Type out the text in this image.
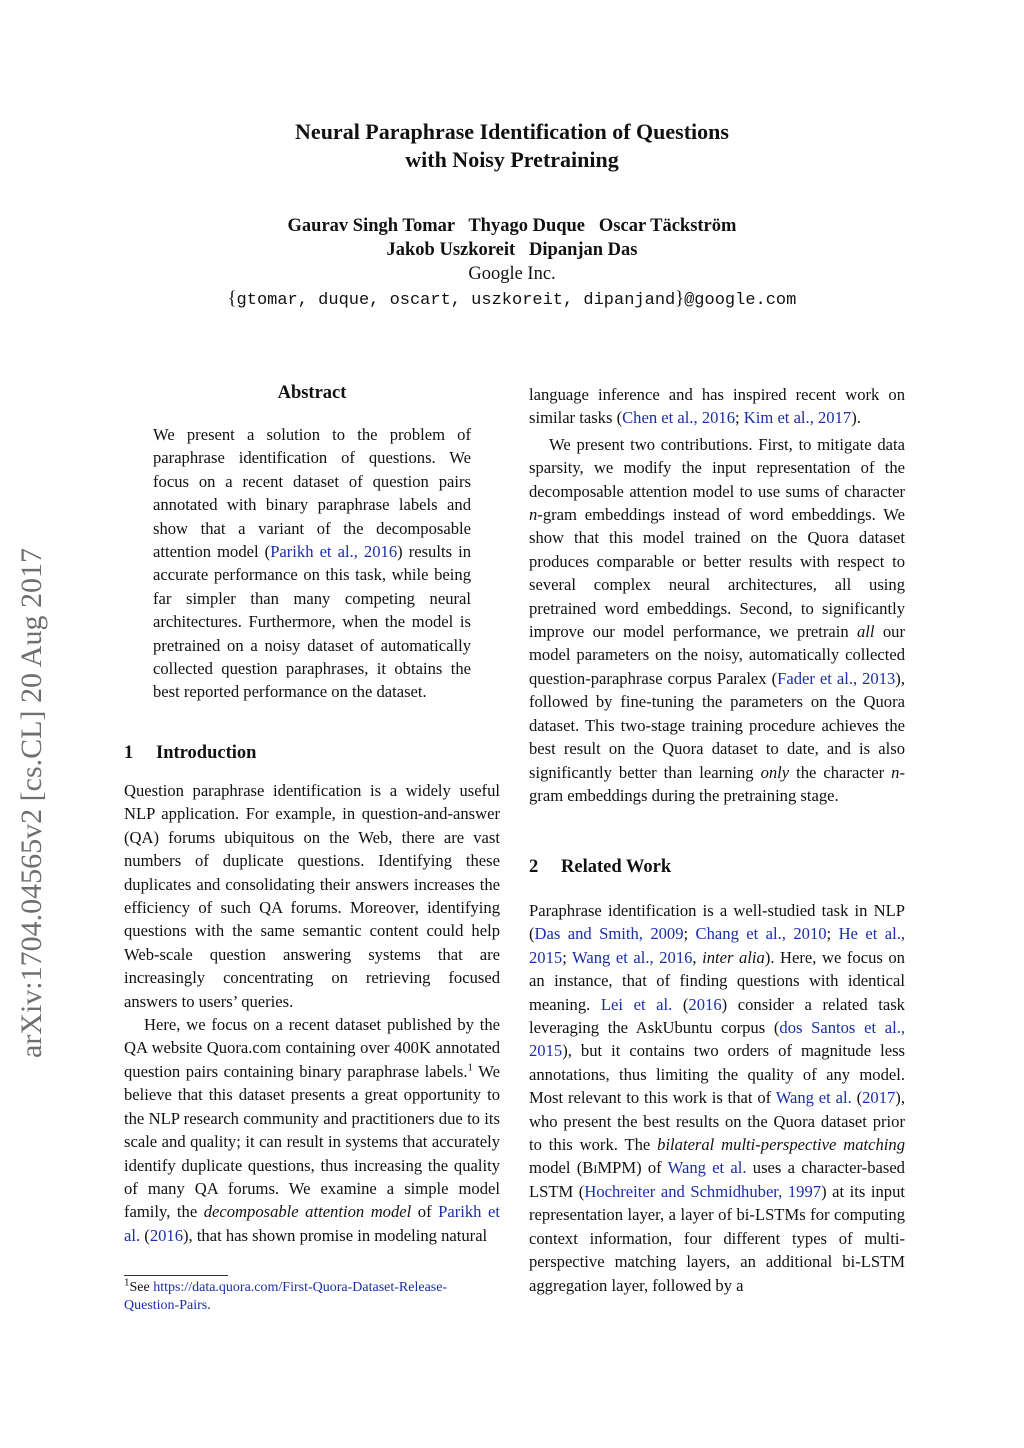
arXiv:1704.04565v2 [cs.CL] 20 Aug 2017
Neural Paraphrase Identification of Questions
with Noisy Pretraining
Gaurav Singh Tomar   Thyago Duque   Oscar Täckström
Jakob Uszkoreit   Dipanjan Das
Google Inc.
{gtomar, duque, oscart, uszkoreit, dipanjand}@google.com
Abstract
We present a solution to the problem of paraphrase identification of questions. We focus on a recent dataset of question pairs annotated with binary paraphrase labels and show that a variant of the decomposable attention model (Parikh et al., 2016) results in accurate performance on this task, while being far simpler than many competing neural architectures. Furthermore, when the model is pretrained on a noisy dataset of automatically collected question paraphrases, it obtains the best reported performance on the dataset.
1 Introduction

Question paraphrase identification is a widely useful NLP application. For example, in question-and-answer (QA) forums ubiquitous on the Web, there are vast numbers of duplicate questions. Identifying these duplicates and consolidating their answers increases the efficiency of such QA forums. Moreover, identifying questions with the same semantic content could help Web-scale question answering systems that are increasingly concentrating on retrieving focused answers to users’ queries.

Here, we focus on a recent dataset published by the QA website Quora.com containing over 400K annotated question pairs containing binary paraphrase labels.$^1$ We believe that this dataset presents a great opportunity to the NLP research community and practitioners due to its scale and quality; it can result in systems that accurately identify duplicate questions, thus increasing the quality of many QA forums. We examine a simple model family, the decomposable attention model of Parikh et al. (2016), that has shown promise in modeling natural

$^1$See https://data.quora.com/First-Quora-Dataset-Release-
Question-Pairs.

language inference and has inspired recent work on similar tasks (Chen et al., 2016; Kim et al., 2017).

We present two contributions. First, to mitigate data sparsity, we modify the input representation of the decomposable attention model to use sums of character n-gram embeddings instead of word embeddings. We show that this model trained on the Quora dataset produces comparable or better results with respect to several complex neural architectures, all using pretrained word embeddings. Second, to significantly improve our model performance, we pretrain all our model parameters on the noisy, automatically collected question-paraphrase corpus Paralex (Fader et al., 2013), followed by fine-tuning the parameters on the Quora dataset. This two-stage training procedure achieves the best result on the Quora dataset to date, and is also significantly better than learning only the character n-gram embeddings during the pretraining stage.

2 Related Work

Paraphrase identification is a well-studied task in NLP (Das and Smith, 2009; Chang et al., 2010; He et al., 2015; Wang et al., 2016, inter alia). Here, we focus on an instance, that of finding questions with identical meaning. Lei et al. (2016) consider a related task leveraging the AskUbuntu corpus (dos Santos et al., 2015), but it contains two orders of magnitude less annotations, thus limiting the quality of any model. Most relevant to this work is that of Wang et al. (2017), who present the best results on the Quora dataset prior to this work. The bilateral multi-perspective matching model (BiMPM) of Wang et al. uses a character-based LSTM (Hochreiter and Schmidhuber, 1997) at its input representation layer, a layer of bi-LSTMs for computing context information, four different types of multi-perspective matching layers, an additional bi-LSTM aggregation layer, followed by a
